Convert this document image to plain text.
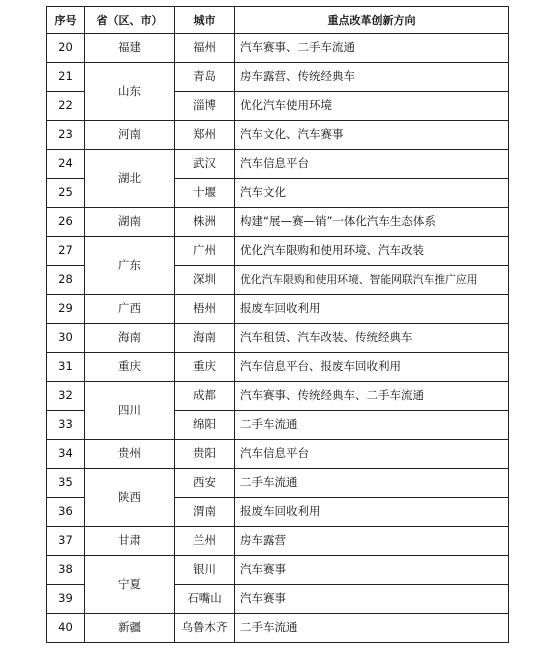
序号	省（区、市）	城市	重点改革创新方向
20	福建	福州	汽车赛事、二手车流通
21	山东	青岛	房车露营、传统经典车
22		淄博	优化汽车使用环境
23	河南	郑州	汽车文化、汽车赛事
24	湖北	武汉	汽车信息平台
25		十堰	汽车文化
26	湖南	株洲	构建“展—赛—销”一体化汽车生态体系
27	广东	广州	优化汽车限购和使用环境、汽车改装
28		深圳	优化汽车限购和使用环境、智能网联汽车推广应用
29	广西	梧州	报废车回收利用
30	海南	海南	汽车租赁、汽车改装、传统经典车
31	重庆	重庆	汽车信息平台、报废车回收利用
32	四川	成都	汽车赛事、传统经典车、二手车流通
33		绵阳	二手车流通
34	贵州	贵阳	汽车信息平台
35	陕西	西安	二手车流通
36		渭南	报废车回收利用
37	甘肃	兰州	房车露营
38	宁夏	银川	汽车赛事
39		石嘴山	汽车赛事
40	新疆	乌鲁木齐	二手车流通
